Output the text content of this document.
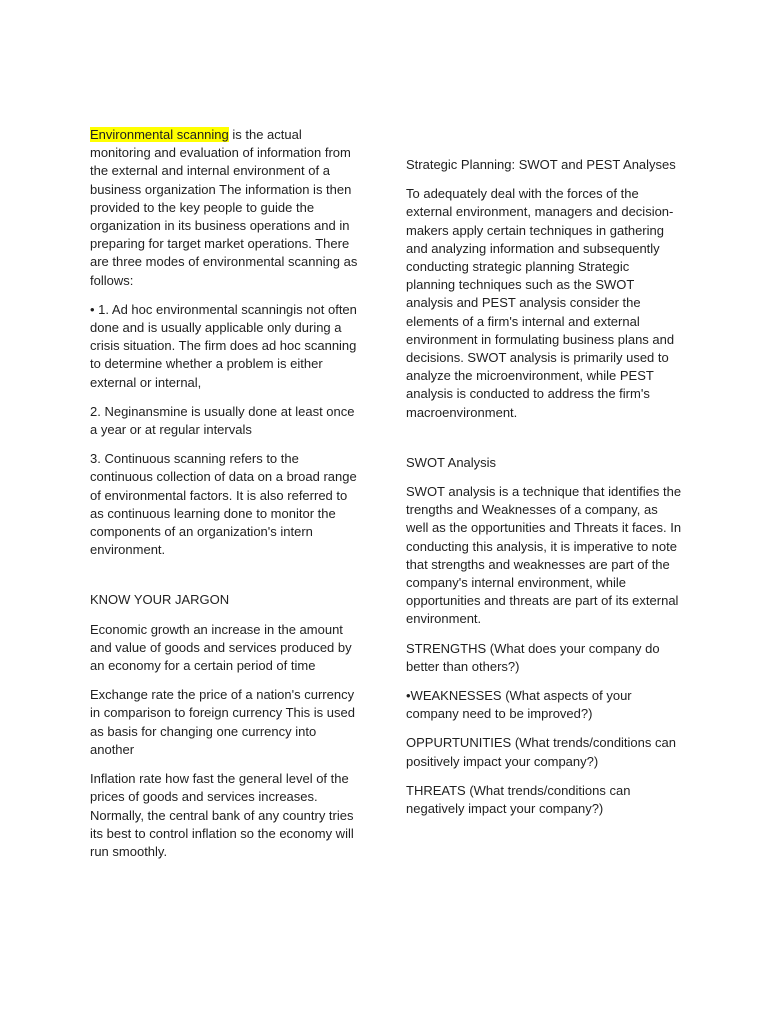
Environmental scanning is the actual monitoring and evaluation of information from the external and internal environment of a business organization The information is then provided to the key people to guide the organization in its business operations and in preparing for target market operations. There are three modes of environmental scanning as follows:

• 1. Ad hoc environmental scanningis not often done and is usually applicable only during a crisis situation. The firm does ad hoc scanning to determine whether a problem is either external or internal,

2. Neginansmine is usually done at least once a year or at regular intervals

3. Continuous scanning refers to the continuous collection of data on a broad range of environmental factors. It is also referred to as continuous learning done to monitor the components of an organization's intern environment.

KNOW YOUR JARGON

Economic growth an increase in the amount and value of goods and services produced by an economy for a certain period of time

Exchange rate the price of a nation's currency in comparison to foreign currency This is used as basis for changing one currency into another

Inflation rate how fast the general level of the prices of goods and services increases. Normally, the central bank of any country tries its best to control inflation so the economy will run smoothly.

Strategic Planning: SWOT and PEST Analyses

To adequately deal with the forces of the external environment, managers and decision-makers apply certain techniques in gathering and analyzing information and subsequently conducting strategic planning Strategic planning techniques such as the SWOT analysis and PEST analysis consider the elements of a firm's internal and external environment in formulating business plans and decisions. SWOT analysis is primarily used to analyze the microenvironment, while PEST analysis is conducted to address the firm's macroenvironment.

SWOT Analysis

SWOT analysis is a technique that identifies the trengths and Weaknesses of a company, as well as the opportunities and Threats it faces. In conducting this analysis, it is imperative to note that strengths and weaknesses are part of the company's internal environment, while opportunities and threats are part of its external environment.

STRENGTHS (What does your company do better than others?)

•WEAKNESSES (What aspects of your company need to be improved?)

OPPURTUNITIES (What trends/conditions can positively impact your company?)

THREATS (What trends/conditions can negatively impact your company?)
